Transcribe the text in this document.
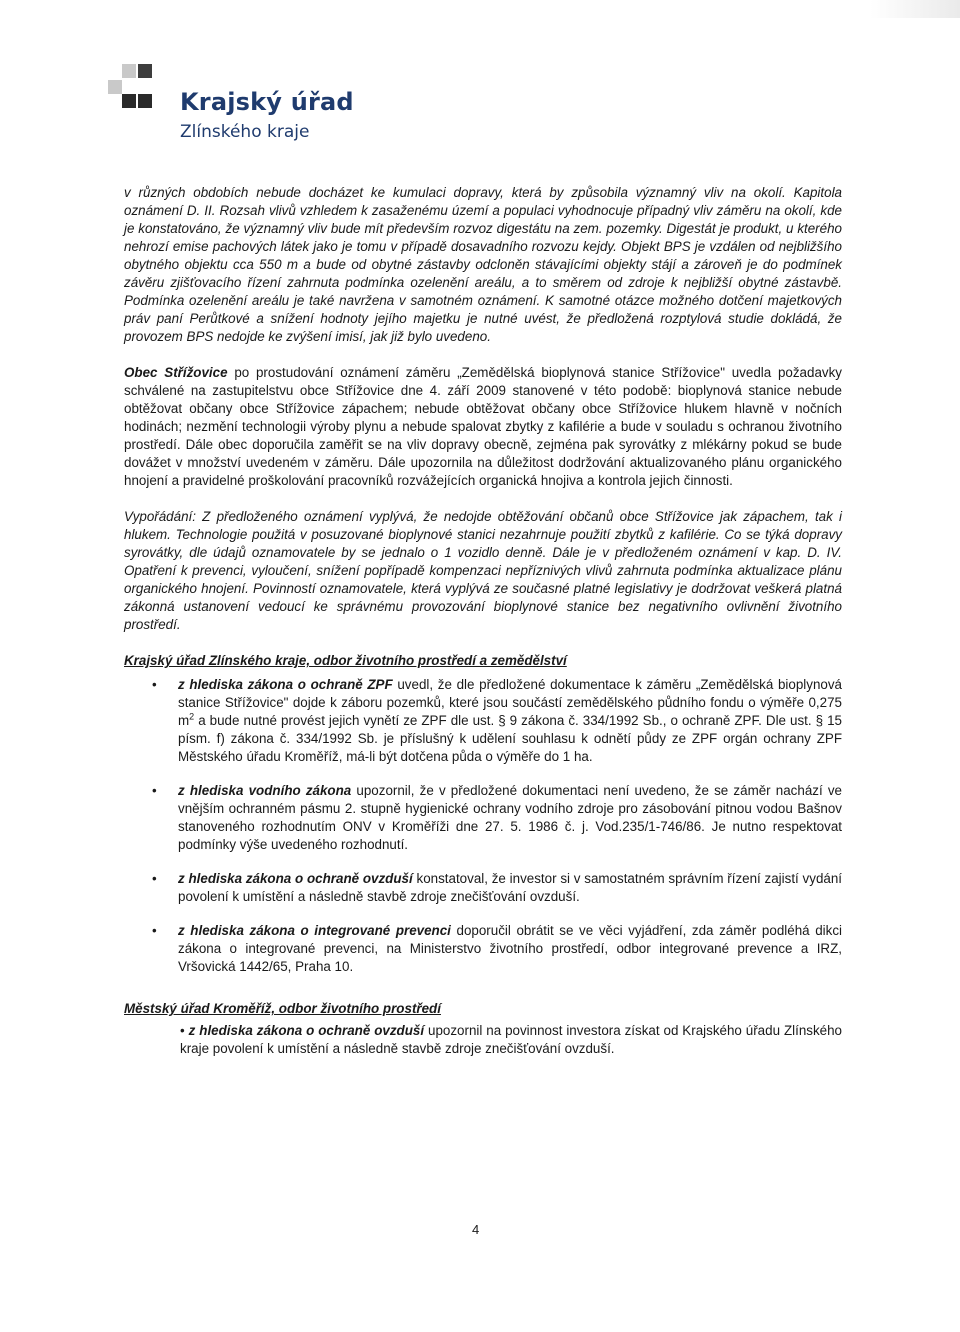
Krajský úřad
Zlínského kraje

v různých obdobích nebude docházet ke kumulaci dopravy, která by způsobila významný vliv na okolí. Kapitola oznámení D. II. Rozsah vlivů vzhledem k zasaženému území a populaci vyhodnocuje případný vliv záměru na okolí, kde je konstatováno, že významný vliv bude mít především rozvoz digestátu na zem. pozemky. Digestát je produkt, u kterého nehrozí emise pachových látek jako je tomu v případě dosavadního rozvozu kejdy. Objekt BPS je vzdálen od nejbližšího obytného objektu cca 550 m a bude od obytné zástavby odcloněn stávajícími objekty stájí a zároveň je do podmínek závěru zjišťovacího řízení zahrnuta podmínka ozelenění areálu, a to směrem od zdroje k nejbližší obytné zástavbě. Podmínka ozelenění areálu je také navržena v samotném oznámení. K samotné otázce možného dotčení majetkových práv paní Perůtkové a snížení hodnoty jejího majetku je nutné uvést, že předložená rozptylová studie dokládá, že provozem BPS nedojde ke zvýšení imisí, jak již bylo uvedeno.

Obec Střížovice po prostudování oznámení záměru „Zemědělská bioplynová stanice Střížovice" uvedla požadavky schválené na zastupitelstvu obce Střížovice dne 4. září 2009 stanovené v této podobě: bioplynová stanice nebude obtěžovat občany obce Střížovice zápachem; nebude obtěžovat občany obce Střížovice hlukem hlavně v nočních hodinách; nezmění technologii výroby plynu a nebude spalovat zbytky z kafilérie a bude v souladu s ochranou životního prostředí. Dále obec doporučila zaměřit se na vliv dopravy obecně, zejména pak syrovátky z mlékárny pokud se bude dovážet v množství uvedeném v záměru. Dále upozornila na důležitost dodržování aktualizovaného plánu organického hnojení a pravidelné proškolování pracovníků rozvážejících organická hnojiva a kontrola jejich činnosti.

Vypořádání: Z předloženého oznámení vyplývá, že nedojde obtěžování občanů obce Střížovice jak zápachem, tak i hlukem. Technologie použitá v posuzované bioplynové stanici nezahrnuje použití zbytků z kafilérie. Co se týká dopravy syrovátky, dle údajů oznamovatele by se jednalo o 1 vozidlo denně. Dále je v předloženém oznámení v kap. D. IV. Opatření k prevenci, vyloučení, snížení popřípadě kompenzaci nepříznivých vlivů zahrnuta podmínka aktualizace plánu organického hnojení. Povinností oznamovatele, která vyplývá ze současné platné legislativy je dodržovat veškerá platná zákonná ustanovení vedoucí ke správnému provozování bioplynové stanice bez negativního ovlivnění životního prostředí.

Krajský úřad Zlínského kraje, odbor životního prostředí a zemědělství

• z hlediska zákona o ochraně ZPF uvedl, že dle předložené dokumentace k záměru „Zemědělská bioplynová stanice Střížovice" dojde k záboru pozemků, které jsou součástí zemědělského půdního fondu o výměře 0,275 $m^2$ a bude nutné provést jejich vynětí ze ZPF dle ust. § 9 zákona č. 334/1992 Sb., o ochraně ZPF. Dle ust. § 15 písm. f) zákona č. 334/1992 Sb. je příslušný k udělení souhlasu k odnětí půdy ze ZPF orgán ochrany ZPF Městského úřadu Kroměříž, má-li být dotčena půda o výměře do 1 ha.
• z hlediska vodního zákona upozornil, že v předložené dokumentaci není uvedeno, že se záměr nachází ve vnějším ochranném pásmu 2. stupně hygienické ochrany vodního zdroje pro zásobování pitnou vodou Bašnov stanoveného rozhodnutím ONV v Kroměříži dne 27. 5. 1986 č. j. Vod.235/1-746/86. Je nutno respektovat podmínky výše uvedeného rozhodnutí.
• z hlediska zákona o ochraně ovzduší konstatoval, že investor si v samostatném správním řízení zajistí vydání povolení k umístění a následně stavbě zdroje znečišťování ovzduší.
• z hlediska zákona o integrované prevenci doporučil obrátit se ve věci vyjádření, zda záměr podléhá dikci zákona o integrované prevenci, na Ministerstvo životního prostředí, odbor integrované prevence a IRZ, Vršovická 1442/65, Praha 10.

Městský úřad Kroměříž, odbor životního prostředí

• z hlediska zákona o ochraně ovzduší upozornil na povinnost investora získat od Krajského úřadu Zlínského kraje povolení k umístění a následně stavbě zdroje znečišťování ovzduší.

4
